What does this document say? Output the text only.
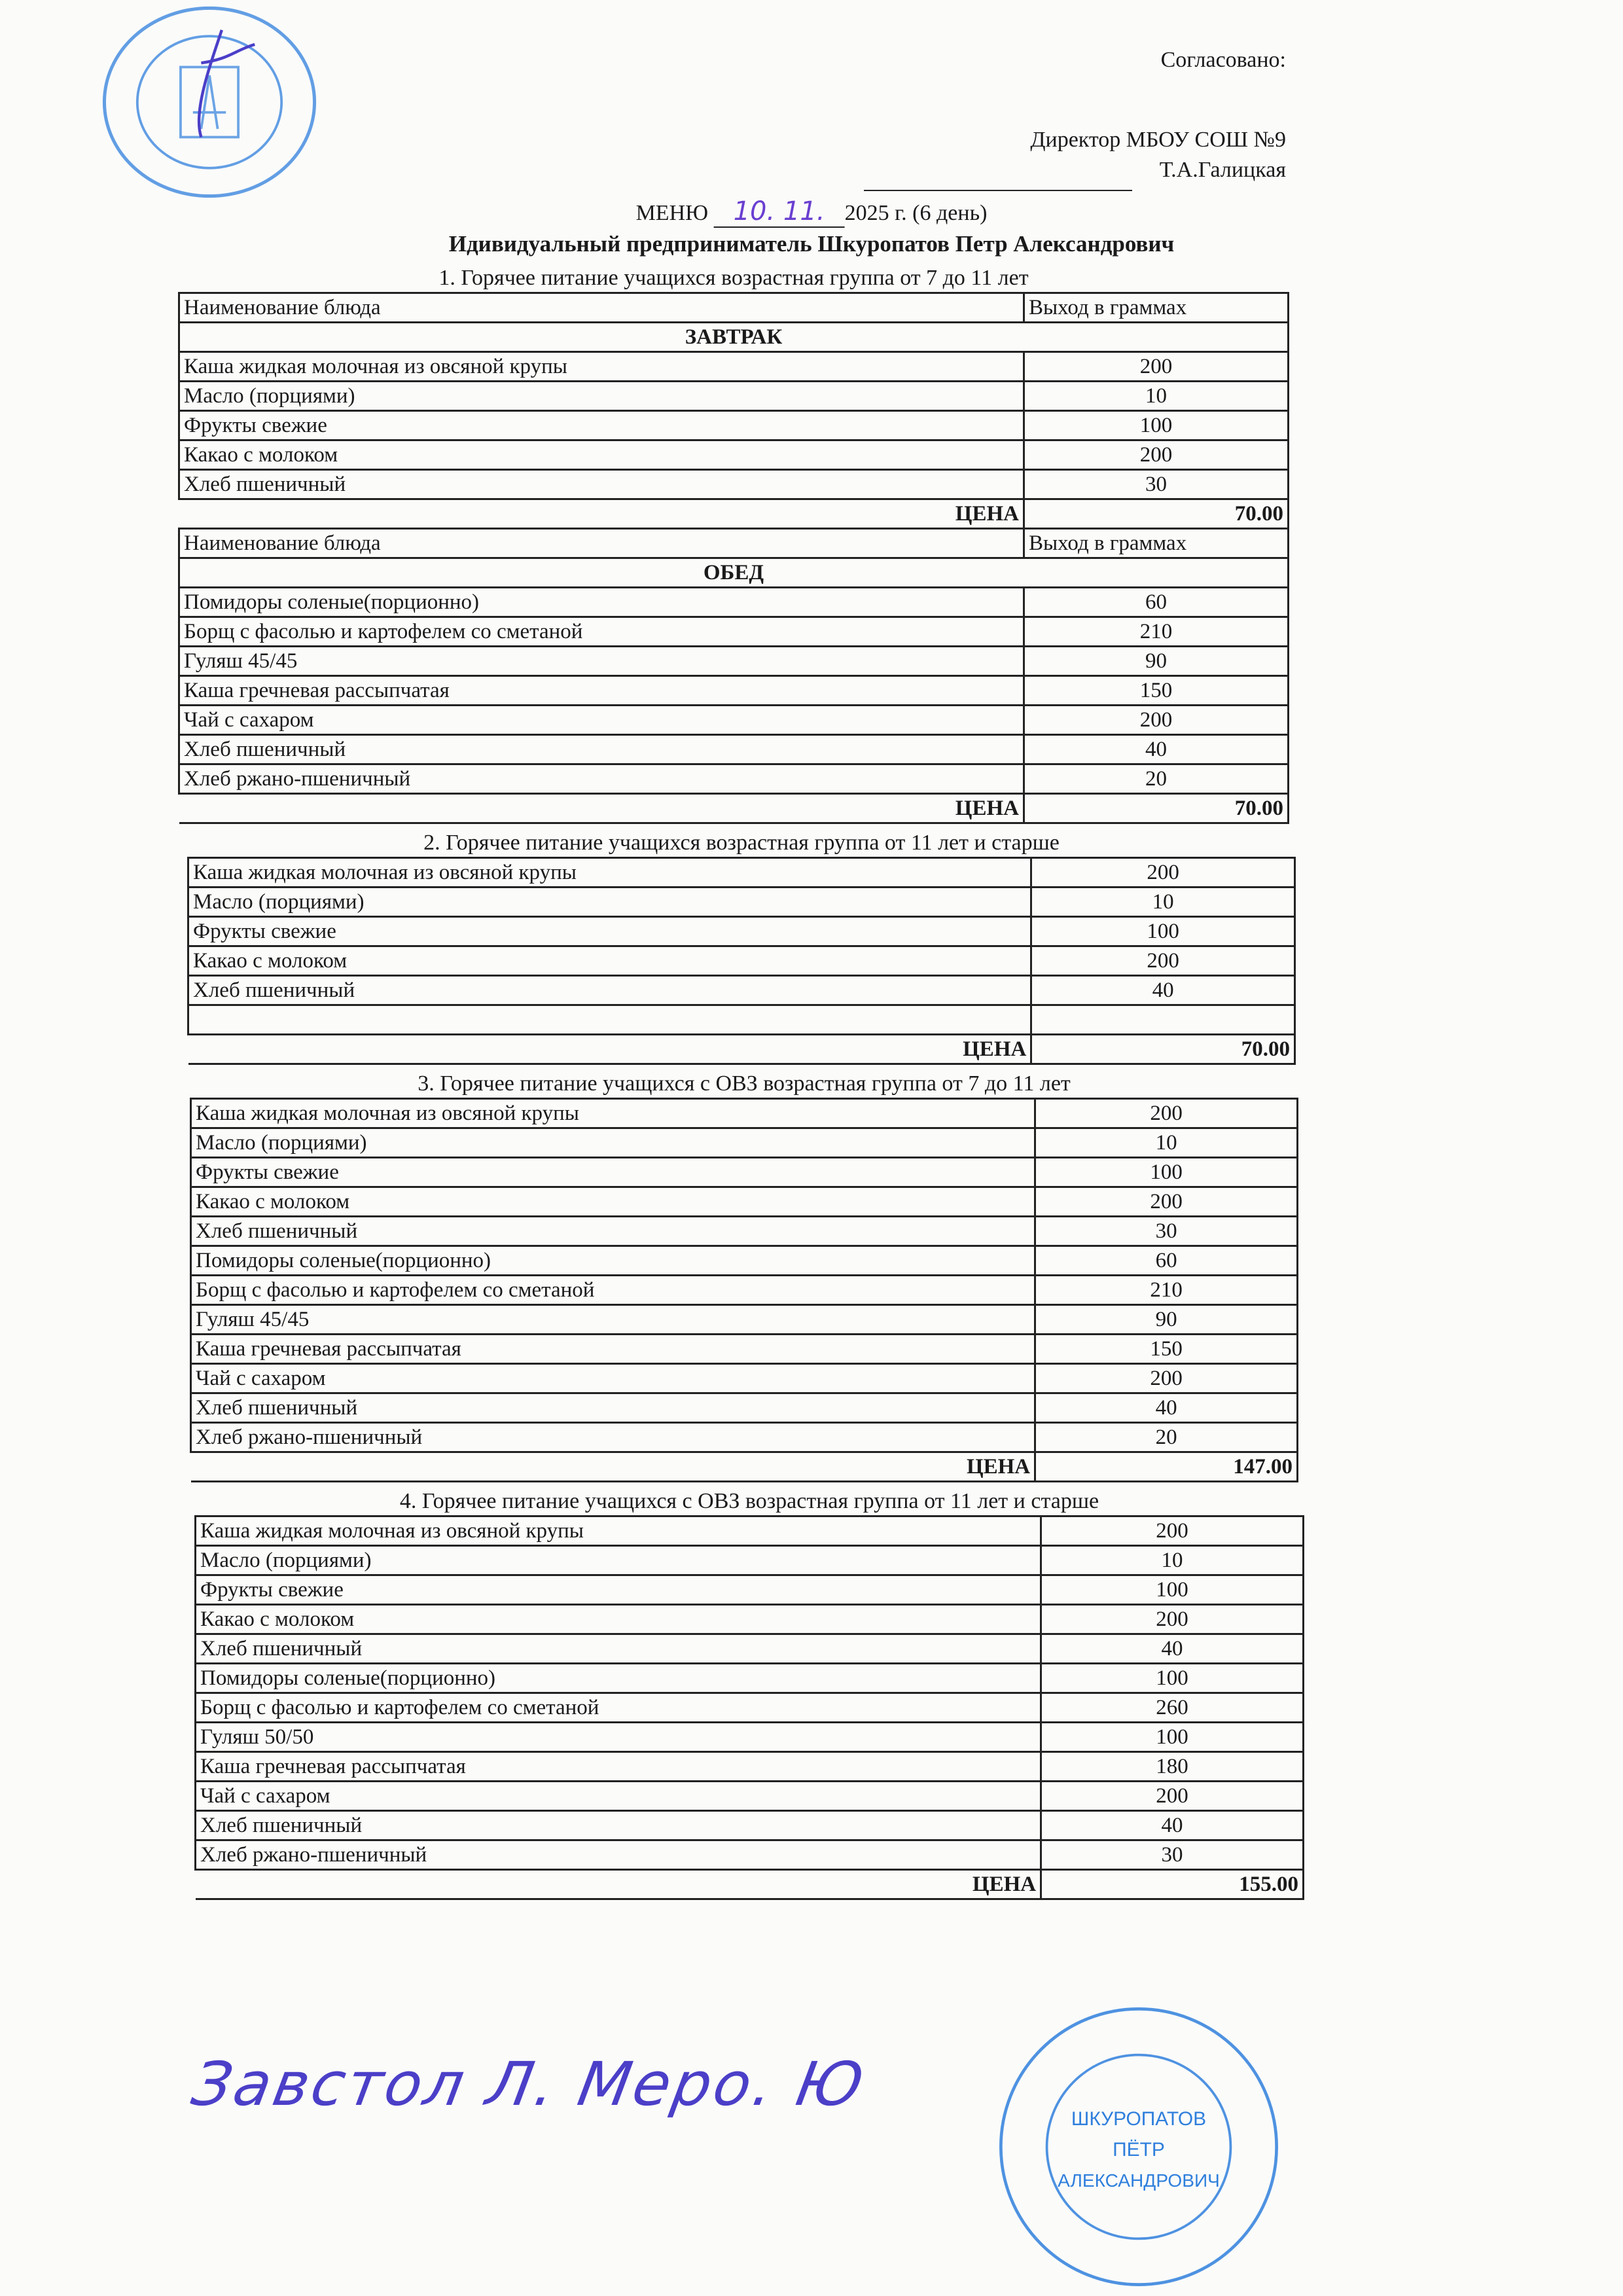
Согласовано:
Директор МБОУ СОШ №9
Т.А.Галицкая
МЕНЮ 10. 11. 2025 г. (6 день)
Идивидуальный предприниматель Шкуропатов Петр Александрович
1. Горячее питание учащихся возрастная группа от 7 до 11 лет
Наименование блюда	Выход в граммах
ЗАВТРАК	
Каша жидкая молочная из овсяной крупы	200
Масло (порциями)	10
Фрукты свежие	100
Какао с молоком	200
Хлеб пшеничный	30
ЦЕНА	70.00
Наименование блюда	Выход в граммах
ОБЕД	
Помидоры соленые(порционно)	60
Борщ с фасолью и картофелем со сметаной	210
Гуляш 45/45	90
Каша гречневая рассыпчатая	150
Чай с сахаром	200
Хлеб пшеничный	40
Хлеб ржано-пшеничный	20
ЦЕНА	70.00
2. Горячее питание учащихся возрастная группа от 11 лет и старше
Каша жидкая молочная из овсяной крупы	200
Масло (порциями)	10
Фрукты свежие	100
Какао с молоком	200
Хлеб пшеничный	40

ЦЕНА	70.00
3. Горячее питание учащихся с ОВЗ возрастная группа от 7 до 11 лет
Каша жидкая молочная из овсяной крупы	200
Масло (порциями)	10
Фрукты свежие	100
Какао с молоком	200
Хлеб пшеничный	30
Помидоры соленые(порционно)	60
Борщ с фасолью и картофелем со сметаной	210
Гуляш 45/45	90
Каша гречневая рассыпчатая	150
Чай с сахаром	200
Хлеб пшеничный	40
Хлеб ржано-пшеничный	20
ЦЕНА	147.00
4. Горячее питание учащихся с ОВЗ возрастная группа от 11 лет и старше
Каша жидкая молочная из овсяной крупы	200
Масло (порциями)	10
Фрукты свежие	100
Какао с молоком	200
Хлеб пшеничный	40
Помидоры соленые(порционно)	100
Борщ с фасолью и картофелем со сметаной	260
Гуляш 50/50	100
Каша гречневая рассыпчатая	180
Чай с сахаром	200
Хлеб пшеничный	40
Хлеб ржано-пшеничный	30
ЦЕНА	155.00
Завстол Л. Меро. Ю	ШКУРОПАТОВ
ПЁТР
АЛЕКСАНДРОВИЧ
